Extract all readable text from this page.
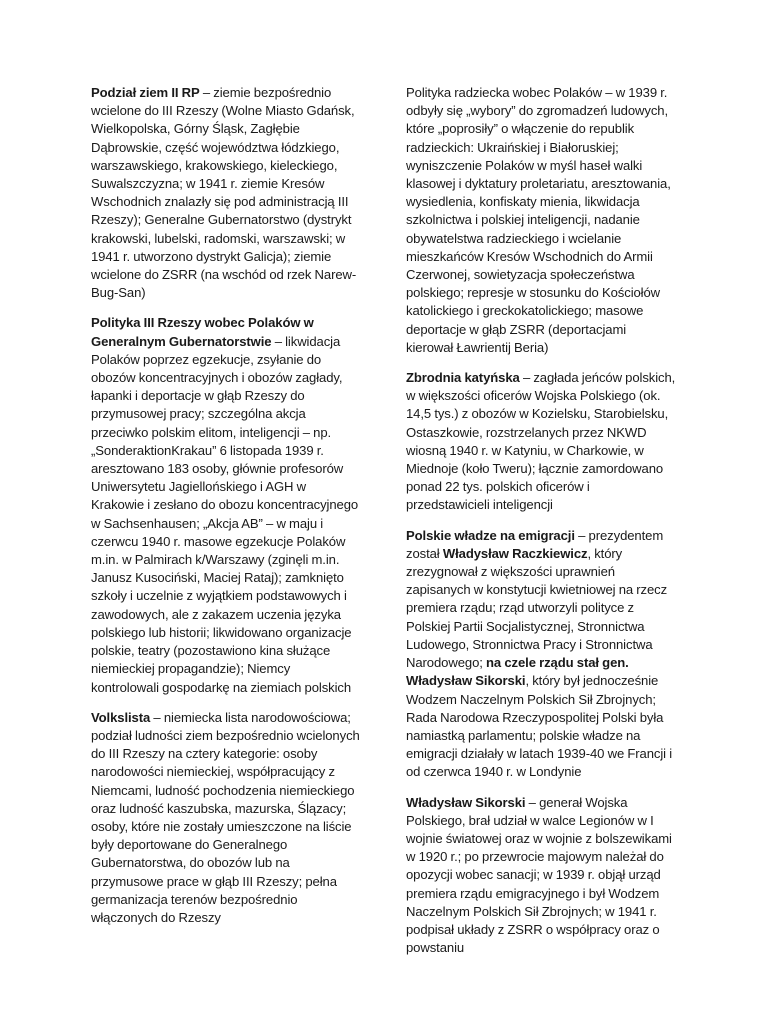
Podział ziem II RP – ziemie bezpośrednio wcielone do III Rzeszy (Wolne Miasto Gdańsk, Wielkopolska, Górny Śląsk, Zagłębie Dąbrowskie, część województwa łódzkiego, warszawskiego, krakowskiego, kieleckiego, Suwalszczyzna; w 1941 r. ziemie Kresów Wschodnich znalazły się pod administracją III Rzeszy); Generalne Gubernatorstwo (dystrykt krakowski, lubelski, radomski, warszawski; w 1941 r. utworzono dystrykt Galicja); ziemie wcielone do ZSRR (na wschód od rzek Narew-Bug-San)

Polityka III Rzeszy wobec Polaków w Generalnym Gubernatorstwie – likwidacja Polaków poprzez egzekucje, zsyłanie do obozów koncentracyjnych i obozów zagłady, łapanki i deportacje w głąb Rzeszy do przymusowej pracy; szczególna akcja przeciwko polskim elitom, inteligencji – np. „SonderaktionKrakau” 6 listopada 1939 r. aresztowano 183 osoby, głównie profesorów Uniwersytetu Jagiellońskiego i AGH w Krakowie i zesłano do obozu koncentracyjnego w Sachsenhausen; „Akcja AB” – w maju i czerwcu 1940 r. masowe egzekucje Polaków m.in. w Palmirach k/Warszawy (zginęli m.in. Janusz Kusociński, Maciej Rataj); zamknięto szkoły i uczelnie z wyjątkiem podstawowych i zawodowych, ale z zakazem uczenia języka polskiego lub historii; likwidowano organizacje polskie, teatry (pozostawiono kina służące niemieckiej propagandzie); Niemcy kontrolowali gospodarkę na ziemiach polskich

Volkslista – niemiecka lista narodowościowa; podział ludności ziem bezpośrednio wcielonych do III Rzeszy na cztery kategorie: osoby narodowości niemieckiej, współpracujący z Niemcami, ludność pochodzenia niemieckiego oraz ludność kaszubska, mazurska, Ślązacy; osoby, które nie zostały umieszczone na liście były deportowane do Generalnego Gubernatorstwa, do obozów lub na przymusowe prace w głąb III Rzeszy; pełna germanizacja terenów bezpośrednio włączonych do Rzeszy

Polityka radziecka wobec Polaków – w 1939 r. odbyły się „wybory” do zgromadzeń ludowych, które „poprosiły” o włączenie do republik radzieckich: Ukraińskiej i Białoruskiej; wyniszczenie Polaków w myśl haseł walki klasowej i dyktatury proletariatu, aresztowania, wysiedlenia, konfiskaty mienia, likwidacja szkolnictwa i polskiej inteligencji, nadanie obywatelstwa radzieckiego i wcielanie mieszkańców Kresów Wschodnich do Armii Czerwonej, sowietyzacja społeczeństwa polskiego; represje w stosunku do Kościołów katolickiego i greckokatolickiego; masowe deportacje w głąb ZSRR (deportacjami kierował Ławrientij Beria)

Zbrodnia katyńska – zagłada jeńców polskich, w większości oficerów Wojska Polskiego (ok. 14,5 tys.) z obozów w Kozielsku, Starobielsku, Ostaszkowie, rozstrzelanych przez NKWD wiosną 1940 r. w Katyniu, w Charkowie, w Miednoje (koło Tweru); łącznie zamordowano ponad 22 tys. polskich oficerów i przedstawicieli inteligencji

Polskie władze na emigracji – prezydentem został Władysław Raczkiewicz, który zrezygnował z większości uprawnień zapisanych w konstytucji kwietniowej na rzecz premiera rządu; rząd utworzyli polityce z Polskiej Partii Socjalistycznej, Stronnictwa Ludowego, Stronnictwa Pracy i Stronnictwa Narodowego; na czele rządu stał gen. Władysław Sikorski, który był jednocześnie Wodzem Naczelnym Polskich Sił Zbrojnych; Rada Narodowa Rzeczypospolitej Polski była namiastką parlamentu; polskie władze na emigracji działały w latach 1939-40 we Francji i od czerwca 1940 r. w Londynie

Władysław Sikorski – generał Wojska Polskiego, brał udział w walce Legionów w I wojnie światowej oraz w wojnie z bolszewikami w 1920 r.; po przewrocie majowym należał do opozycji wobec sanacji; w 1939 r. objął urząd premiera rządu emigracyjnego i był Wodzem Naczelnym Polskich Sił Zbrojnych; w 1941 r. podpisał układy z ZSRR o współpracy oraz o powstaniu
